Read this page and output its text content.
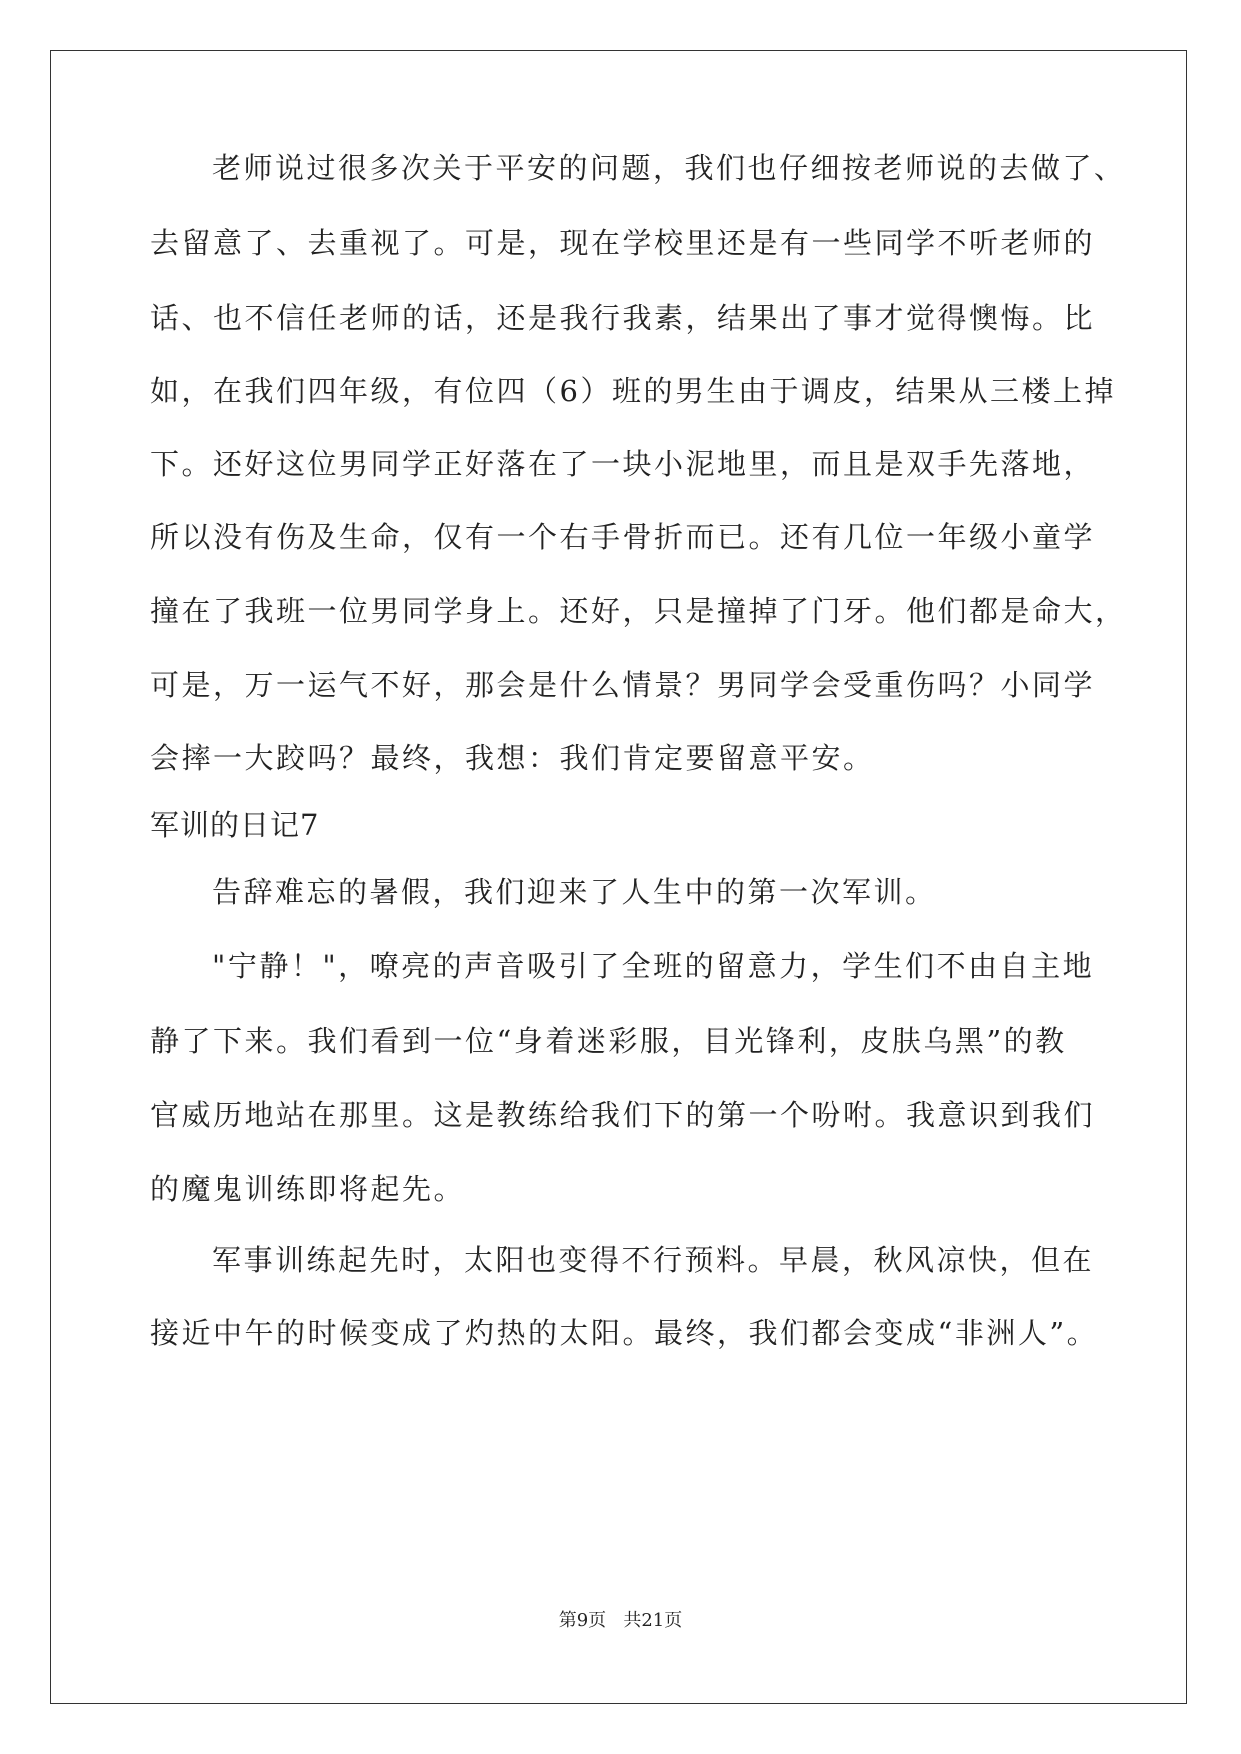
老师说过很多次关于平安的问题，我们也仔细按老师说的去做了、

去留意了、去重视了。可是，现在学校里还是有一些同学不听老师的

话、也不信任老师的话，还是我行我素，结果出了事才觉得懊悔。比

如，在我们四年级，有位四（6）班的男生由于调皮，结果从三楼上掉

下。还好这位男同学正好落在了一块小泥地里，而且是双手先落地，

所以没有伤及生命，仅有一个右手骨折而已。还有几位一年级小童学

撞在了我班一位男同学身上。还好，只是撞掉了门牙。他们都是命大，

可是，万一运气不好，那会是什么情景？男同学会受重伤吗？小同学

会摔一大跤吗？最终，我想：我们肯定要留意平安。

军训的日记7

告辞难忘的暑假，我们迎来了人生中的第一次军训。

"宁静！"，嘹亮的声音吸引了全班的留意力，学生们不由自主地

静了下来。我们看到一位“身着迷彩服，目光锋利，皮肤乌黑”的教

官威历地站在那里。这是教练给我们下的第一个吩咐。我意识到我们

的魔鬼训练即将起先。

军事训练起先时，太阳也变得不行预料。早晨，秋风凉快，但在

接近中午的时候变成了灼热的太阳。最终，我们都会变成“非洲人”。

第9页 共21页
